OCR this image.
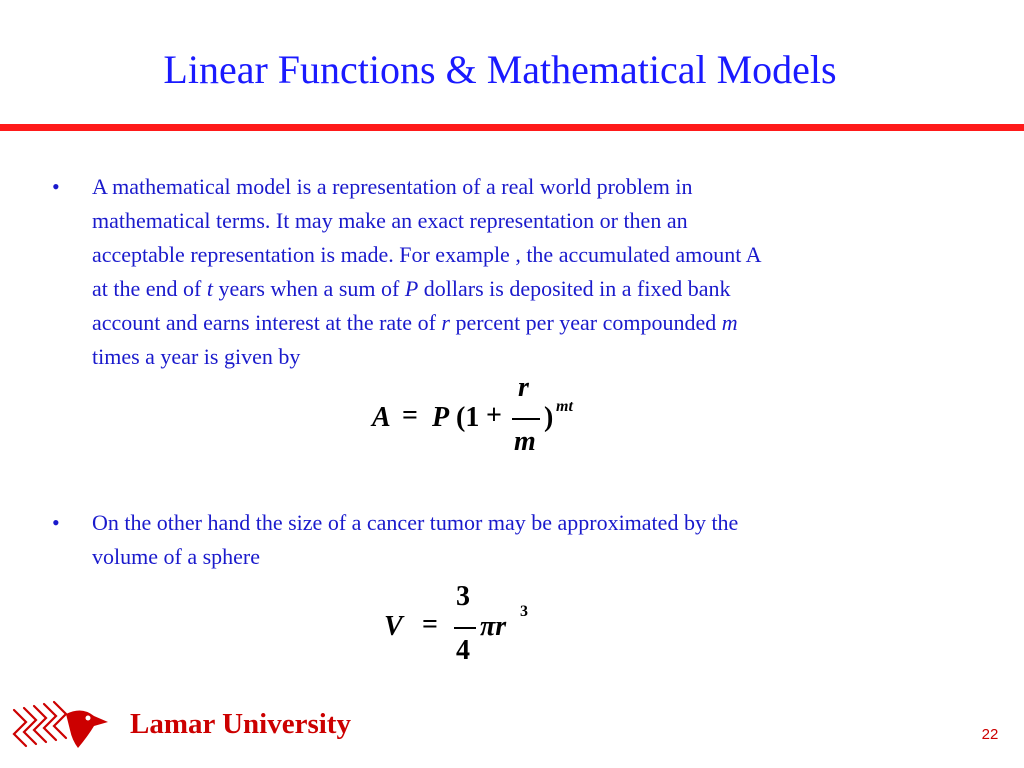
Linear Functions & Mathematical Models
• A mathematical model is a representation of a real world problem in
mathematical terms. It may make an exact representation or then an
acceptable representation is made. For example , the accumulated amount A
at the end of t years when a sum of P dollars is deposited in a fixed bank
account and earns interest at the rate of r percent per year compounded m
times a year is given by
A = P (1 +
r
m
) mt
• On the other hand the size of a cancer tumor may be approximated by the
volume of a sphere
V =
3
4
πr 3
Lamar University	22
